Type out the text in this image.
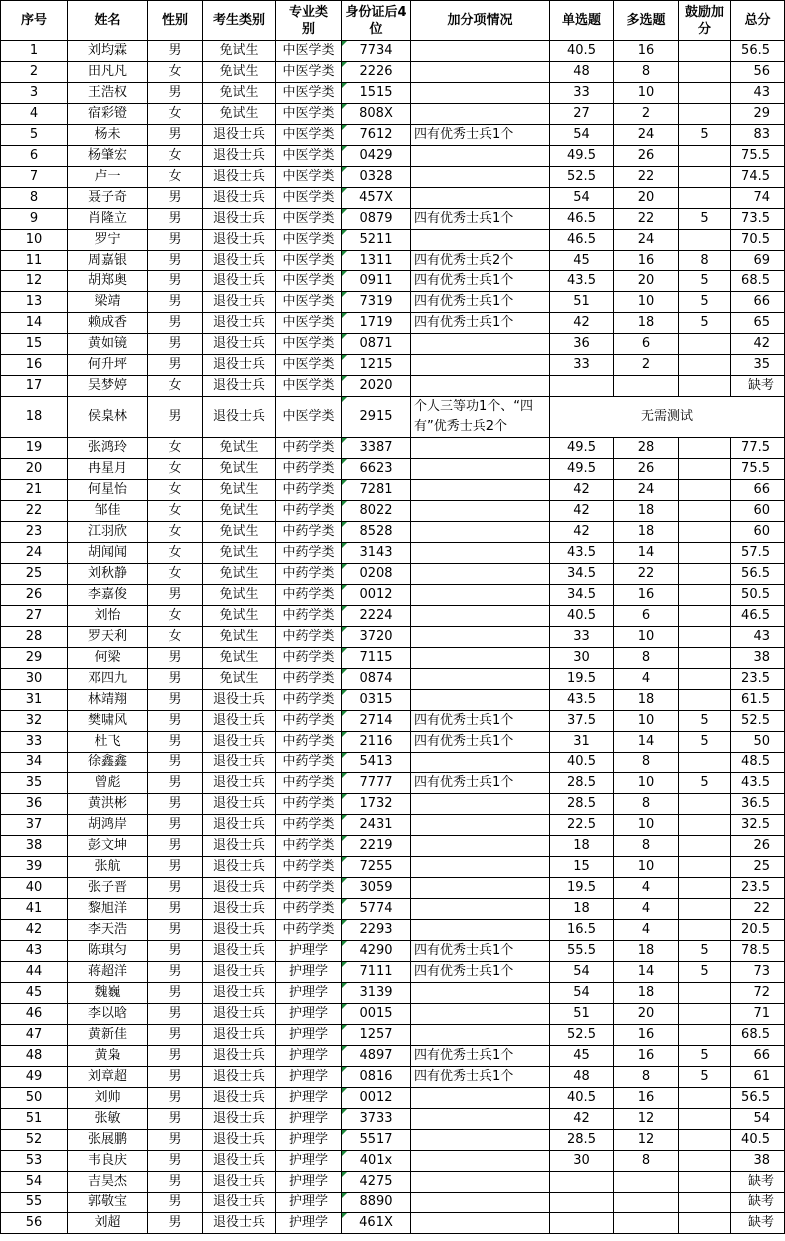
序号	姓名	性别	考生类别	专业类别	身份证后4位	加分项情况	单选题	多选题	鼓励加分	总分
1	刘均霖	男	免试生	中医学类	7734		40.5	16		56.5
2	田凡凡	女	免试生	中医学类	2226		48	8		56
3	王浩权	男	免试生	中医学类	1515		33	10		43
4	宿彩镫	女	免试生	中医学类	808X		27	2		29
5	杨未	男	退役士兵	中医学类	7612	四有优秀士兵1个	54	24	5	83
6	杨肇宏	女	退役士兵	中医学类	0429		49.5	26		75.5
7	卢一	女	退役士兵	中医学类	0328		52.5	22		74.5
8	聂子奇	男	退役士兵	中医学类	457X		54	20		74
9	肖隆立	男	退役士兵	中医学类	0879	四有优秀士兵1个	46.5	22	5	73.5
10	罗宁	男	退役士兵	中医学类	5211		46.5	24		70.5
11	周嘉银	男	退役士兵	中医学类	1311	四有优秀士兵2个	45	16	8	69
12	胡郑奥	男	退役士兵	中医学类	0911	四有优秀士兵1个	43.5	20	5	68.5
13	梁靖	男	退役士兵	中医学类	7319	四有优秀士兵1个	51	10	5	66
14	赖成香	男	退役士兵	中医学类	1719	四有优秀士兵1个	42	18	5	65
15	黄如镜	男	退役士兵	中医学类	0871		36	6		42
16	何升坪	男	退役士兵	中医学类	1215		33	2		35
17	吴梦婷	女	退役士兵	中医学类	2020					缺考
18	侯臬林	男	退役士兵	中医学类	2915	个人三等功1个、“四有”优秀士兵2个	无需测试			
19	张鸿玲	女	免试生	中药学类	3387		49.5	28		77.5
20	冉星月	女	免试生	中药学类	6623		49.5	26		75.5
21	何星怡	女	免试生	中药学类	7281		42	24		66
22	邹佳	女	免试生	中药学类	8022		42	18		60
23	江羽欣	女	免试生	中药学类	8528		42	18		60
24	胡闻闻	女	免试生	中药学类	3143		43.5	14		57.5
25	刘秋静	女	免试生	中药学类	0208		34.5	22		56.5
26	李嘉俊	男	免试生	中药学类	0012		34.5	16		50.5
27	刘怡	女	免试生	中药学类	2224		40.5	6		46.5
28	罗天利	女	免试生	中药学类	3720		33	10		43
29	何梁	男	免试生	中药学类	7115		30	8		38
30	邓四九	男	免试生	中药学类	0874		19.5	4		23.5
31	林靖翔	男	退役士兵	中药学类	0315		43.5	18		61.5
32	樊啸风	男	退役士兵	中药学类	2714	四有优秀士兵1个	37.5	10	5	52.5
33	杜飞	男	退役士兵	中药学类	2116	四有优秀士兵1个	31	14	5	50
34	徐鑫鑫	男	退役士兵	中药学类	5413		40.5	8		48.5
35	曾彪	男	退役士兵	中药学类	7777	四有优秀士兵1个	28.5	10	5	43.5
36	黄洪彬	男	退役士兵	中药学类	1732		28.5	8		36.5
37	胡鸿岸	男	退役士兵	中药学类	2431		22.5	10		32.5
38	彭文坤	男	退役士兵	中药学类	2219		18	8		26
39	张航	男	退役士兵	中药学类	7255		15	10		25
40	张子晋	男	退役士兵	中药学类	3059		19.5	4		23.5
41	黎旭洋	男	退役士兵	中药学类	5774		18	4		22
42	李天浩	男	退役士兵	中药学类	2293		16.5	4		20.5
43	陈琪匀	男	退役士兵	护理学	4290	四有优秀士兵1个	55.5	18	5	78.5
44	蒋超洋	男	退役士兵	护理学	7111	四有优秀士兵1个	54	14	5	73
45	魏巍	男	退役士兵	护理学	3139		54	18		72
46	李以晗	男	退役士兵	护理学	0015		51	20		71
47	黄新佳	男	退役士兵	护理学	1257		52.5	16		68.5
48	黄枭	男	退役士兵	护理学	4897	四有优秀士兵1个	45	16	5	66
49	刘章超	男	退役士兵	护理学	0816	四有优秀士兵1个	48	8	5	61
50	刘帅	男	退役士兵	护理学	0012		40.5	16		56.5
51	张敏	男	退役士兵	护理学	3733		42	12		54
52	张展鹏	男	退役士兵	护理学	5517		28.5	12		40.5
53	韦良庆	男	退役士兵	护理学	401x		30	8		38
54	吉昊杰	男	退役士兵	护理学	4275					缺考
55	郭敬宝	男	退役士兵	护理学	8890					缺考
56	刘超	男	退役士兵	护理学	461X					缺考
